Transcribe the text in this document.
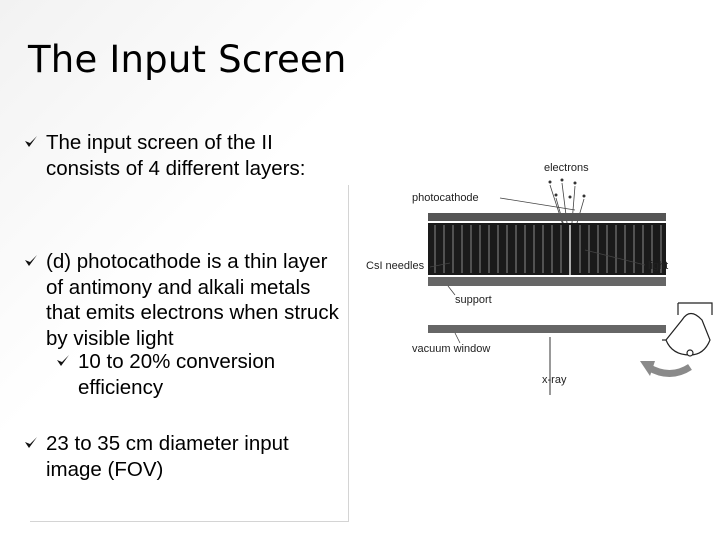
The Input Screen
The input screen of the II consists of 4 different layers:
(d) photocathode is a thin layer of antimony and alkali metals that emits electrons when struck by visible light
10 to 20% conversion efficiency
23 to 35 cm diameter input image (FOV)
electrons
photocathode
CsI needles	light
support
vacuum window
x-ray
